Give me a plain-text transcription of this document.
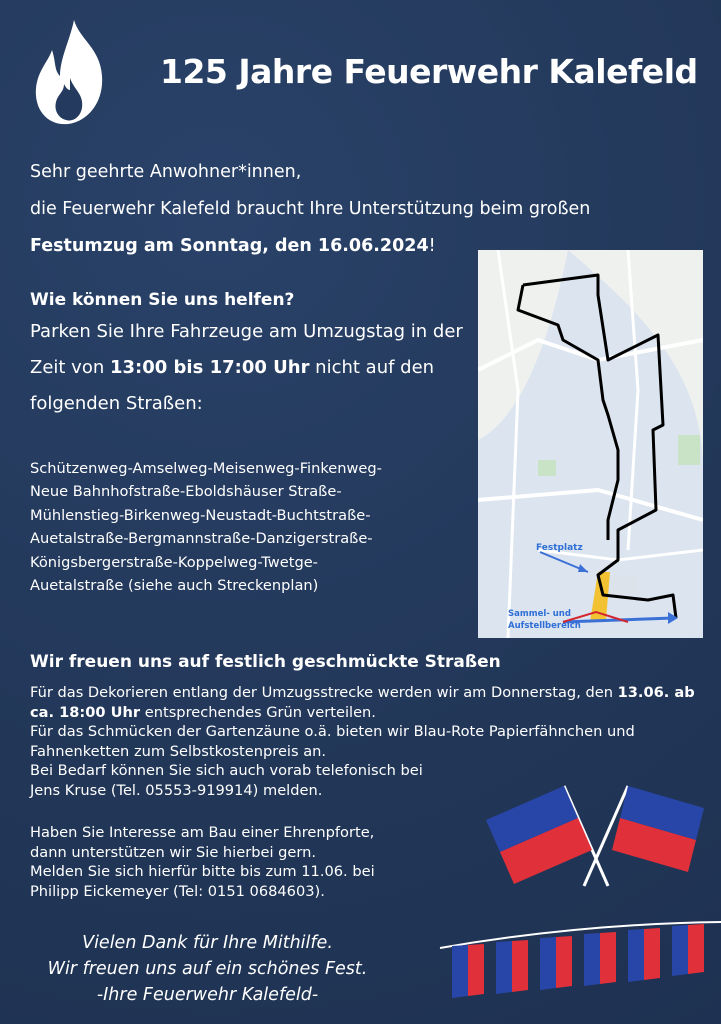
125 Jahre Feuerwehr Kalefeld

Sehr geehrte Anwohner*innen,

die Feuerwehr Kalefeld braucht Ihre Unterstützung beim großen

Festumzug am Sonntag, den 16.06.2024!

Wie können Sie uns helfen?
Parken Sie Ihre Fahrzeuge am Umzugstag in der Zeit von 13:00 bis 17:00 Uhr nicht auf den folgenden Straßen:
Schützenweg-Amselweg-Meisenweg-Finkenweg-
Neue Bahnhofstraße-Eboldshäuser Straße-
Mühlenstieg-Birkenweg-Neustadt-Buchtstraße-
Auetalstraße-Bergmannstraße-Danzigerstraße-
Königsbergerstraße-Koppelweg-Twetge-
Auetalstraße (siehe auch Streckenplan)
Festplatz
Sammel- und
Aufstellbereich
Wir freuen uns auf festlich geschmückte Straßen

Für das Dekorieren entlang der Umzugsstrecke werden wir am Donnerstag, den 13.06. ab ca. 18:00 Uhr entsprechendes Grün verteilen.

Für das Schmücken der Gartenzäune o.ä. bieten wir Blau-Rote Papierfähnchen und Fahnenketten zum Selbstkostenpreis an.

Bei Bedarf können Sie sich auch vorab telefonisch bei

Jens Kruse (Tel. 05553-919914) melden.

Haben Sie Interesse am Bau einer Ehrenpforte,

dann unterstützen wir Sie hierbei gern.

Melden Sie sich hierfür bitte bis zum 11.06. bei

Philipp Eickemeyer (Tel: 0151 0684603).

Vielen Dank für Ihre Mithilfe.

Wir freuen uns auf ein schönes Fest.

-Ihre Feuerwehr Kalefeld-
